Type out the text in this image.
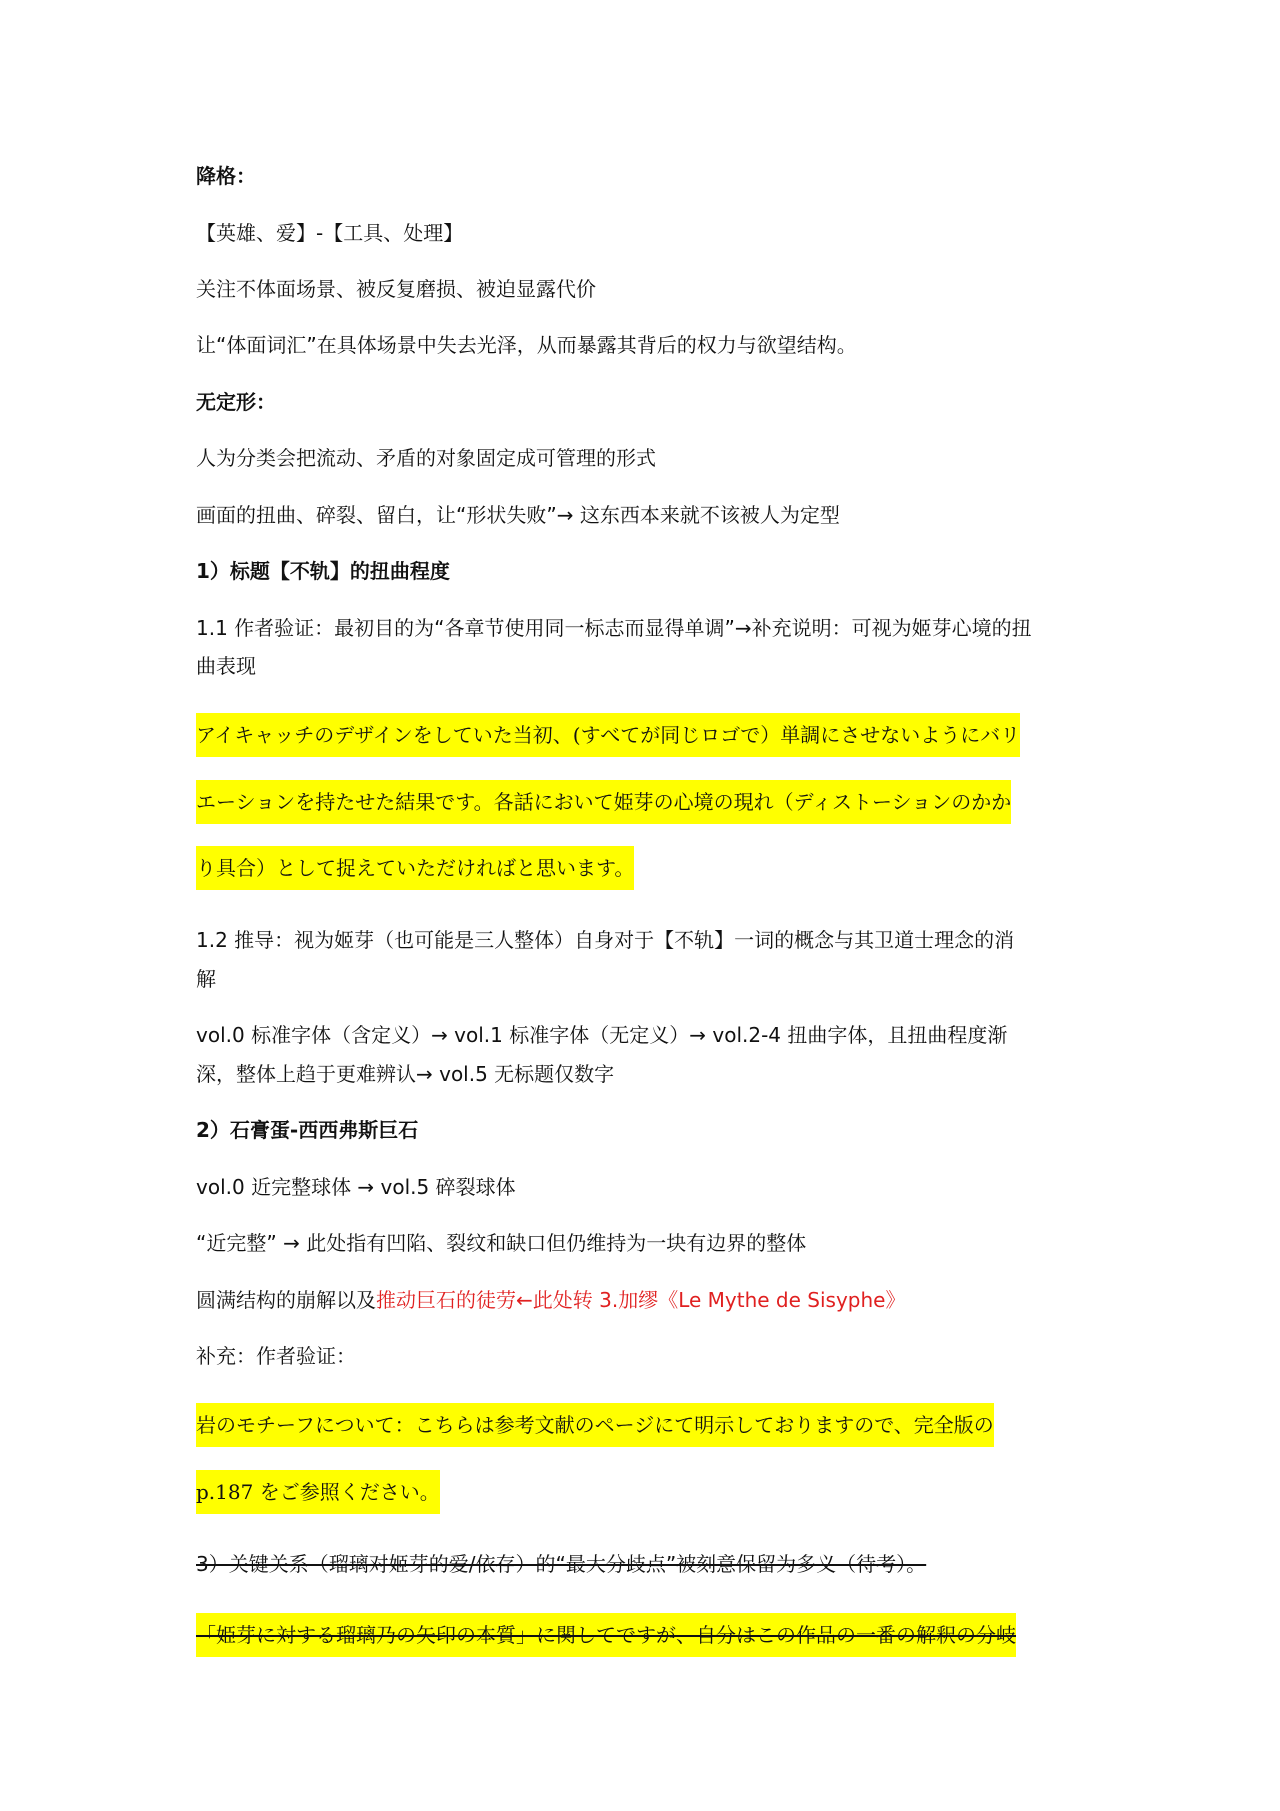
降格：
【英雄、爱】-【工具、处理】
关注不体面场景、被反复磨损、被迫显露代价
让“体面词汇”在具体场景中失去光泽，从而暴露其背后的权力与欲望结构。
无定形：
人为分类会把流动、矛盾的对象固定成可管理的形式
画面的扭曲、碎裂、留白，让“形状失败”→ 这东西本来就不该被人为定型
1）标题【不轨】的扭曲程度
1.1 作者验证：最初目的为“各章节使用同一标志而显得单调”→补充说明：可视为姬芽心境的扭
曲表现
アイキャッチのデザインをしていた当初、(すべてが同じロゴで）単調にさせないようにバリ
エーションを持たせた結果です。各話において姫芽の心境の現れ（ディストーションのかか
り具合）として捉えていただければと思います。
1.2 推导：视为姬芽（也可能是三人整体）自身对于【不轨】一词的概念与其卫道士理念的消
解
vol.0 标准字体（含定义）→ vol.1 标准字体（无定义）→ vol.2-4 扭曲字体，且扭曲程度渐
深，整体上趋于更难辨认→ vol.5 无标题仅数字
2）石膏蛋-西西弗斯巨石
vol.0 近完整球体 → vol.5 碎裂球体
“近完整” → 此处指有凹陷、裂纹和缺口但仍维持为一块有边界的整体
圆满结构的崩解以及推动巨石的徒劳←此处转 3.加缪《Le Mythe de Sisyphe》
补充：作者验证：
岩のモチーフについて：こちらは参考文献のページにて明示しておりますので、完全版の
p.187 をご参照ください。
3）关键关系（瑠璃对姬芽的爱/依存）的“最大分歧点”被刻意保留为多义（待考）。
「姫芽に対する瑠璃乃の矢印の本質」に関してですが、自分はこの作品の一番の解釈の分岐
